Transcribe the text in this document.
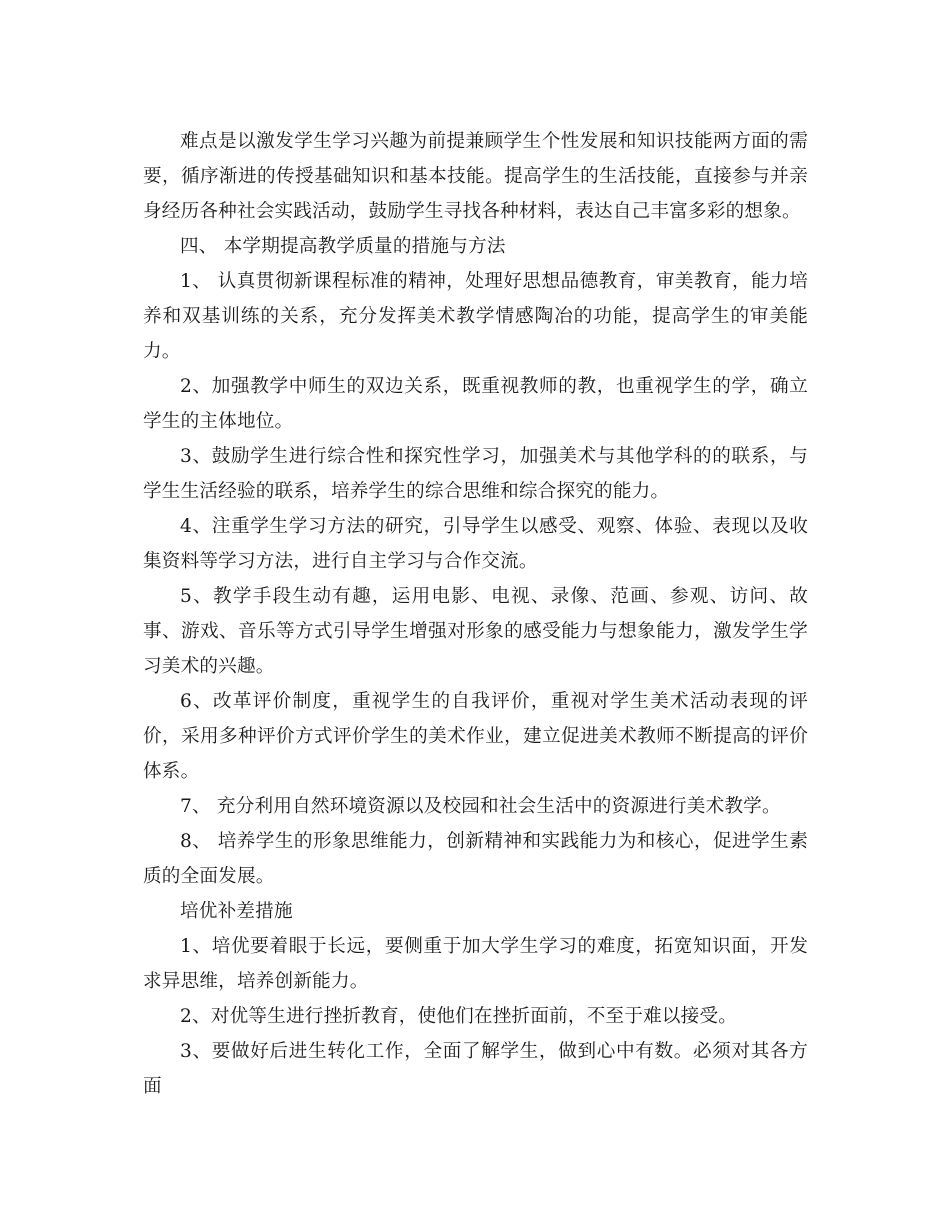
难点是以激发学生学习兴趣为前提兼顾学生个性发展和知识技能两方面的需要，循序渐进的传授基础知识和基本技能。提高学生的生活技能，直接参与并亲身经历各种社会实践活动，鼓励学生寻找各种材料，表达自己丰富多彩的想象。

四、 本学期提高教学质量的措施与方法

1、 认真贯彻新课程标准的精神，处理好思想品德教育，审美教育，能力培养和双基训练的关系，充分发挥美术教学情感陶冶的功能，提高学生的审美能力。

2、加强教学中师生的双边关系，既重视教师的教，也重视学生的学，确立学生的主体地位。

3、鼓励学生进行综合性和探究性学习，加强美术与其他学科的的联系，与学生生活经验的联系，培养学生的综合思维和综合探究的能力。

4、注重学生学习方法的研究，引导学生以感受、观察、体验、表现以及收集资料等学习方法，进行自主学习与合作交流。

5、教学手段生动有趣，运用电影、电视、录像、范画、参观、访问、故事、游戏、音乐等方式引导学生增强对形象的感受能力与想象能力，激发学生学习美术的兴趣。

6、改革评价制度，重视学生的自我评价，重视对学生美术活动表现的评价，采用多种评价方式评价学生的美术作业，建立促进美术教师不断提高的评价体系。

7、 充分利用自然环境资源以及校园和社会生活中的资源进行美术教学。

8、 培养学生的形象思维能力，创新精神和实践能力为和核心，促进学生素质的全面发展。

培优补差措施

1、培优要着眼于长远，要侧重于加大学生学习的难度，拓宽知识面，开发求异思维，培养创新能力。

2、对优等生进行挫折教育，使他们在挫折面前，不至于难以接受。

3、要做好后进生转化工作，全面了解学生，做到心中有数。必须对其各方面
